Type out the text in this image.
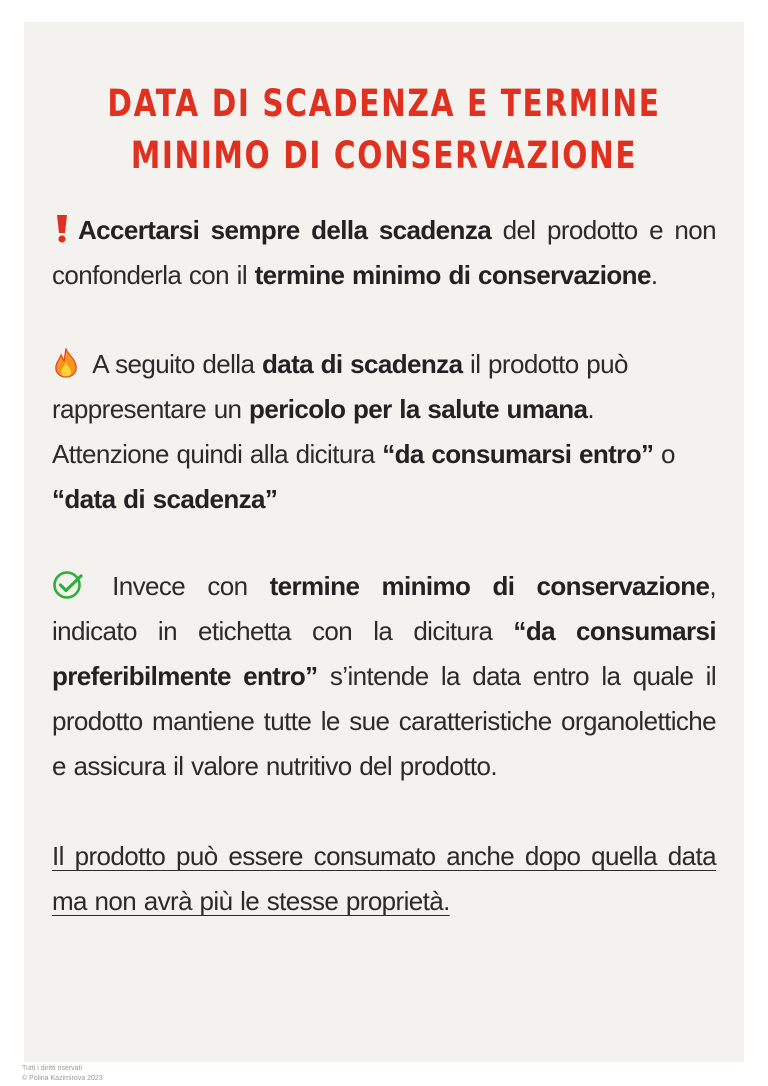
DATA DI SCADENZA E TERMINE
MINIMO DI CONSERVAZIONE
Accertarsi sempre della scadenza del prodotto e non confonderla con il termine minimo di conservazione.
A seguito della data di scadenza il prodotto può rappresentare un pericolo per la salute umana. Attenzione quindi alla dicitura “da consumarsi entro” o “data di scadenza”
Invece con termine minimo di conservazione, indicato in etichetta con la dicitura “da consumarsi preferibilmente entro” s’intende la data entro la quale il prodotto mantiene tutte le sue caratteristiche organolettiche e assicura il valore nutritivo del prodotto.
Il prodotto può essere consumato anche dopo quella data ma non avrà più le stesse proprietà.
Tutti i diritti riservati
© Polina Kazimirova 2023
